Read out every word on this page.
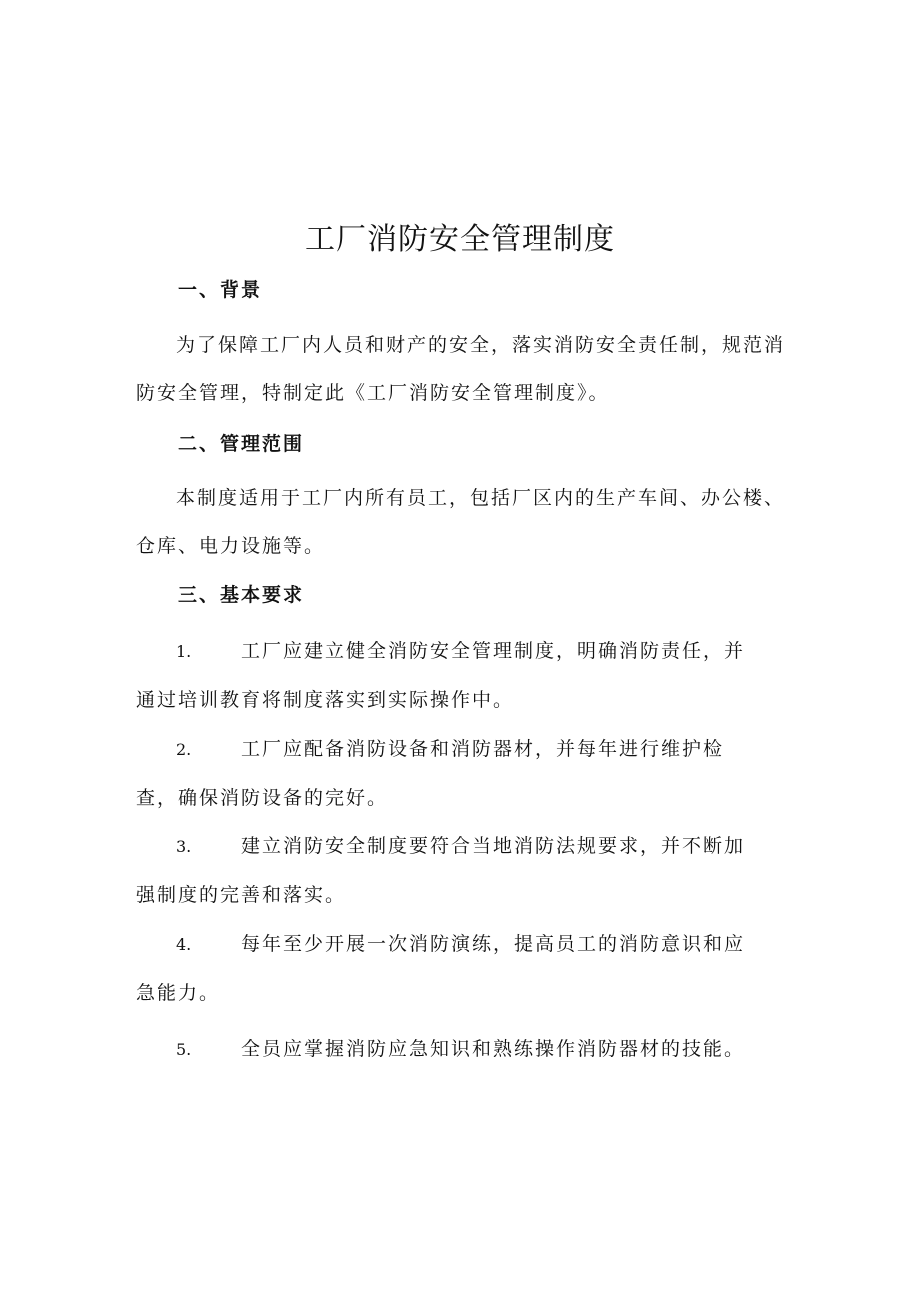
工厂消防安全管理制度
一、背景

为了保障工厂内人员和财产的安全，落实消防安全责任制，规范消防安全管理，特制定此《工厂消防安全管理制度》。

二、管理范围

本制度适用于工厂内所有员工，包括厂区内的生产车间、办公楼、仓库、电力设施等。

三、基本要求

1.	工厂应建立健全消防安全管理制度，明确消防责任，并通过培训教育将制度落实到实际操作中。

2.	工厂应配备消防设备和消防器材，并每年进行维护检查，确保消防设备的完好。

3.	建立消防安全制度要符合当地消防法规要求，并不断加强制度的完善和落实。

4.	每年至少开展一次消防演练，提高员工的消防意识和应急能力。

5.	全员应掌握消防应急知识和熟练操作消防器材的技能。
